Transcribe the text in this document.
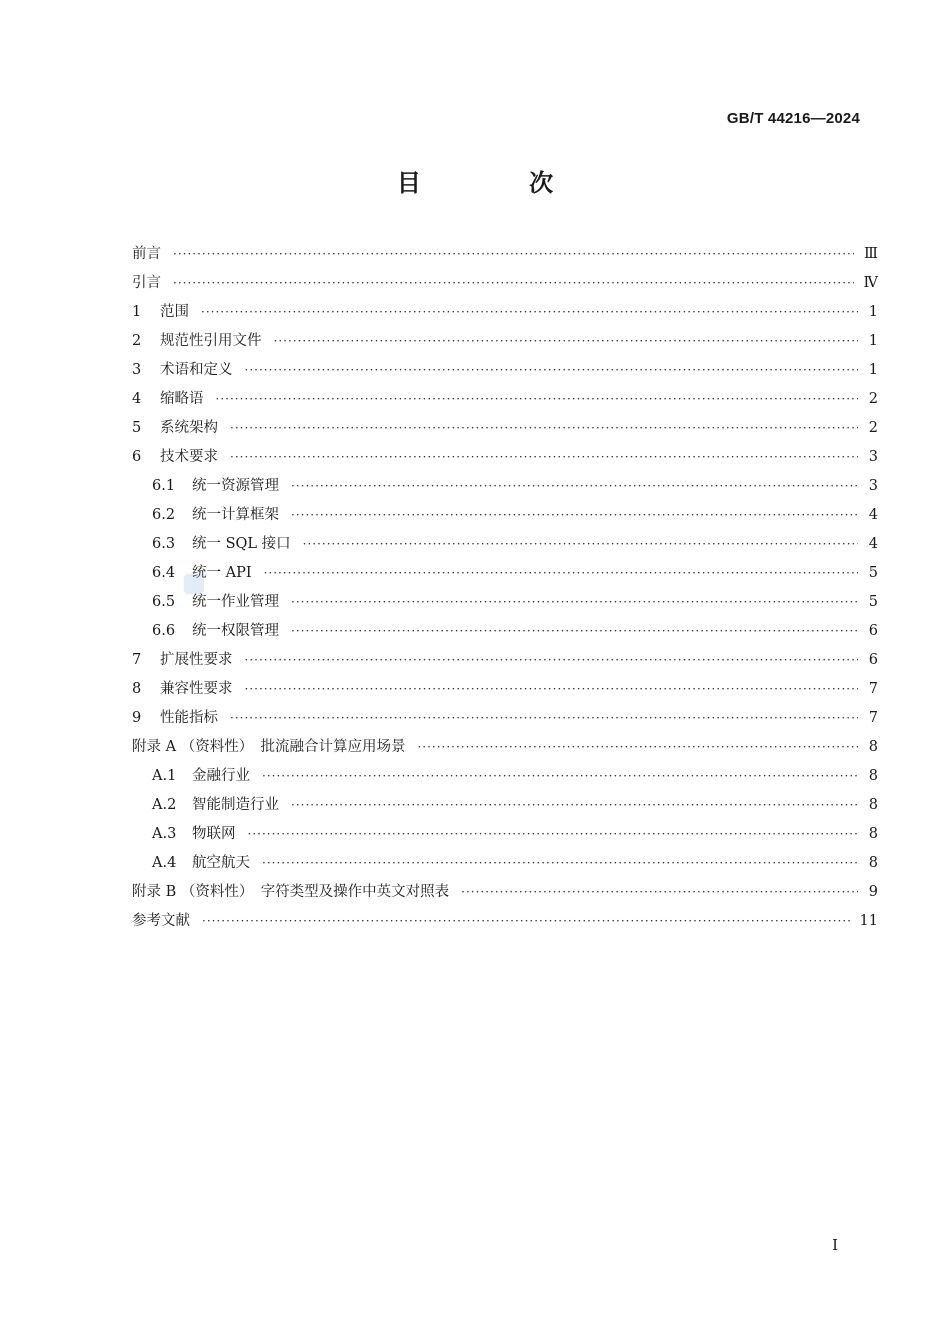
GB/T 44216—2024
目 次
前言 ·····	Ⅲ
引言 ·····	Ⅳ
1	范围 ·····	1
2	规范性引用文件 ·····	1
3	术语和定义 ·····	1
4	缩略语 ·····	2
5	系统架构 ·····	2
6	技术要求 ·····	3
6.1	统一资源管理 ·····	3
6.2	统一计算框架 ·····	4
6.3	统一 SQL 接口 ·····	4
6.4	统一 API ·····	5
6.5	统一作业管理 ·····	5
6.6	统一权限管理 ·····	6
7	扩展性要求 ·····	6
8	兼容性要求 ·····	7
9	性能指标 ·····	7
附录 A （资料性）　批流融合计算应用场景 ·····	8
A.1	金融行业 ·····	8
A.2	智能制造行业 ·····	8
A.3	物联网 ·····	8
A.4	航空航天 ·····	8
附录 B （资料性）　字符类型及操作中英文对照表 ·····	9
参考文献 ·····	11
Ⅰ
